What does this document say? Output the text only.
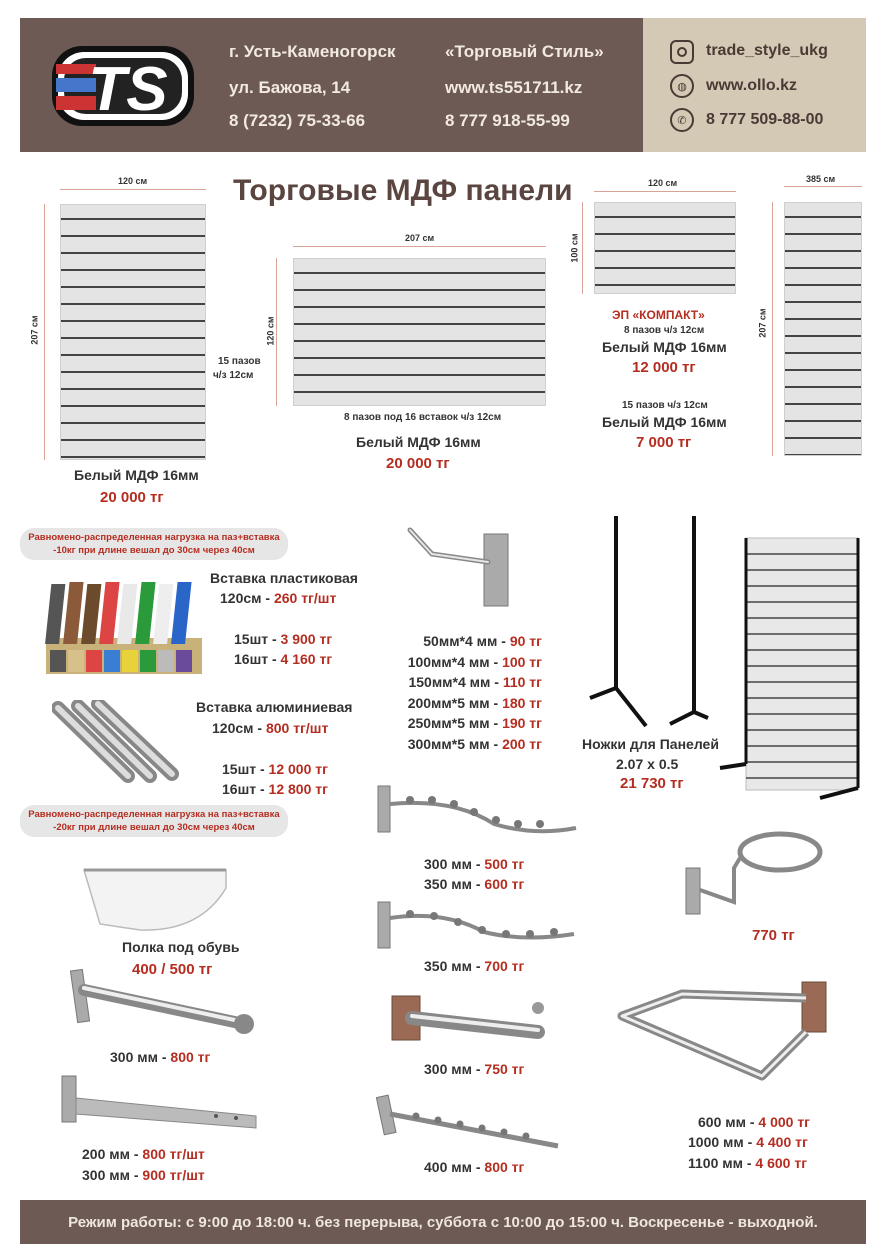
TS
г. Усть-Каменогорск
ул. Бажова, 14
8 (7232) 75-33-66
«Торговый Стиль»
www.ts551711.kz
8 777 918-55-99
trade_style_ukg
◍	www.ollo.kz
✆	8 777 509-88-00
Торговые МДФ панели
120 см
207 см
15 пазов
ч/з 12см
Белый МДФ 16мм
20 000 тг
207 см
120 см
8 пазов под 16 вставок ч/з 12см
Белый МДФ 16мм
20 000 тг
120 см
100 см
ЭП «КОМПАКТ»
8 пазов ч/з 12см
Белый МДФ 16мм
12 000 тг
385 см
207 см
15 пазов ч/з 12см
Белый МДФ 16мм
7 000 тг
Равномено-распределенная нагрузка на паз+вставка
-10кг при длине вешал до 30см через 40см
Вставка пластиковая
120см - 260 тг/шт
15шт - 3 900 тг
16шт - 4 160 тг
Вставка алюминиевая
120см - 800 тг/шт
15шт - 12 000 тг
16шт - 12 800 тг
Равномено-распределенная нагрузка на паз+вставка
-20кг при длине вешал до 30см через 40см
Полка под обувь
400 / 500 тг
50мм*4 мм - 90 тг
100мм*4 мм - 100 тг
150мм*4 мм - 110 тг
200мм*5 мм - 180 тг
250мм*5 мм - 190 тг
300мм*5 мм - 200 тг	Ножки для Панелей
2.07 х 0.5
21 730 тг
300 мм - 500 тг
350 мм - 600 тг
350 мм - 700 тг
770 тг
300 мм - 800 тг
300 мм - 750 тг
600 мм - 4 000 тг
1000 мм - 4 400 тг
1100 мм - 4 600 тг
200 мм - 800 тг/шт
300 мм - 900 тг/шт	400 мм - 800 тг
Режим работы: с 9:00 до 18:00 ч. без перерыва, суббота с 10:00 до 15:00 ч. Воскресенье - выходной.
